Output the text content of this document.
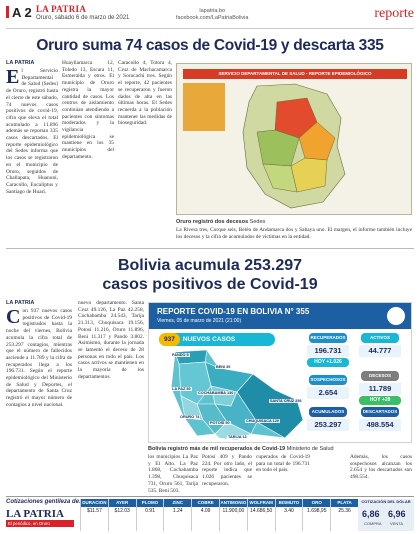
A 2 LA PATRIA
Oruro, sábado 6 de marzo de 2021
lapatria.bo
facebook.com/LaPatriaBolivia	reporte
Oruro suma 74 casos de Covid-19 y descarta 335
LA PATRIA
El Servicio Departamental de Salud (Sedes) de Oruro, registró hasta el cierre de este sábado, 74 nuevos casos positivos de covid-19, cifra que eleva el total acumulado a 11.896 además se reportan 335 casos descartados. El reporte epidemiológico del Sedes informa que los casos se registraron en el municipio de Oruro, seguidos de Challapata, Huanuni, Caracollo, Eucaliptus y Santiago de Huari.
Huayllamarca 12, Toledo 13, Escara 11, Esmeralda y otros. El municipio de Oruro registra la mayor cantidad de casos. Los centros de aislamiento continúan atendiendo a pacientes con síntomas moderados y la vigilancia epidemiológica se mantiene en los 35 municipios del departamento.
Caracollo 4, Totora 4, Cruz de Machacamarca y Soracachi tres. Según el reporte, 42 pacientes se recuperaron y fueron dados de alta en las últimas horas. El Sedes recuerda a la población mantener las medidas de bioseguridad.
SERVICIO DEPARTAMENTAL DE SALUD - REPORTE EPIDEMIOLÓGICO
Oruro registró dos decesos Sedes
La Rivera tres, Corque seis, Belén de Andamarca dos y Sabaya uno. El margen, el informe también incluye los decesos y la cifra de acumulados de víctimas en la entidad.
Bolivia acumula 253.297
casos positivos de Covid-19
LA PATRIA
Con 937 nuevos casos positivos de Covid-19 registrados hasta la noche del viernes, Bolivia acumula la cifra total de 253.297 contagios, mientras que el número de fallecidos asciende a 11.789 y la cifra de recuperados llega a los 196.731. Según el reporte epidemiológico del Ministerio de Salud y Deportes, el departamento de Santa Cruz registró el mayor número de contagios a nivel nacional.
nuevo departamento. Santa Cruz 49.126, La Paz 42.258, Cochabamba 24.543, Tarija 21.313, Chuquisaca 19.156, Potosí 11.216, Oruro 11.896, Beni 11.317 y Pando 3.802. Asimismo, durante la jornada se lamentó el deceso de 28 personas en todo el país. Los casos activos se mantienen en la mayoría de los departamentos.
REPORTE COVID-19 EN BOLIVIA N° 355
Viernes, 05 de marzo de 2021 (21:00)
937 NUEVOS CASOS
PANDO 5
BENI 39
LA PAZ 50
COCHABAMBA 130
SANTA CRUZ 256
ORURO 74
POTOSÍ 50	CHUQUISACA 120
TARIJA 13
RECUPERADOS
196.731
HOY +1.026
ACTIVOS
44.777
DECESOS
11.789
HOY +28
SOSPECHOSOS
2.654
ACUMULADOS
253.297
DESCARTADOS
498.554
Bolivia registró más de mil recuperados de Covid-19 Ministerio de Salud
los municipios La Paz y El Alto. La Paz 1.868, Cochabamba 1.398, Chuquisaca 731, Oruro 561, Tarija 535, Beni 503.
Potosí 409 y Pando 224. Por otro lado, el reporte indica que 1.026 pacientes se recuperaron.
cuperados de Covid-19 para un total de 196.731 en todo el país.
Además, los casos sospechosos alcanzan los 2.654 y los descartados son 498.554.
Cotizaciones gentileza de:
LA PATRIA
El periódico, en Oruro
DURACION
$11.57
AYER
$12.03
PLOMO
0.91
ZINC
1.24
COBRE
4.09
ANTIMONIO
11.900,00
WOLFRAM
14.686,50
BISMUTO
3.40
ORO
1.698,95
PLATA
25.36
COTIZACIÓN DEL DÓLAR
6,86 6,96
COMPRA VENTA
